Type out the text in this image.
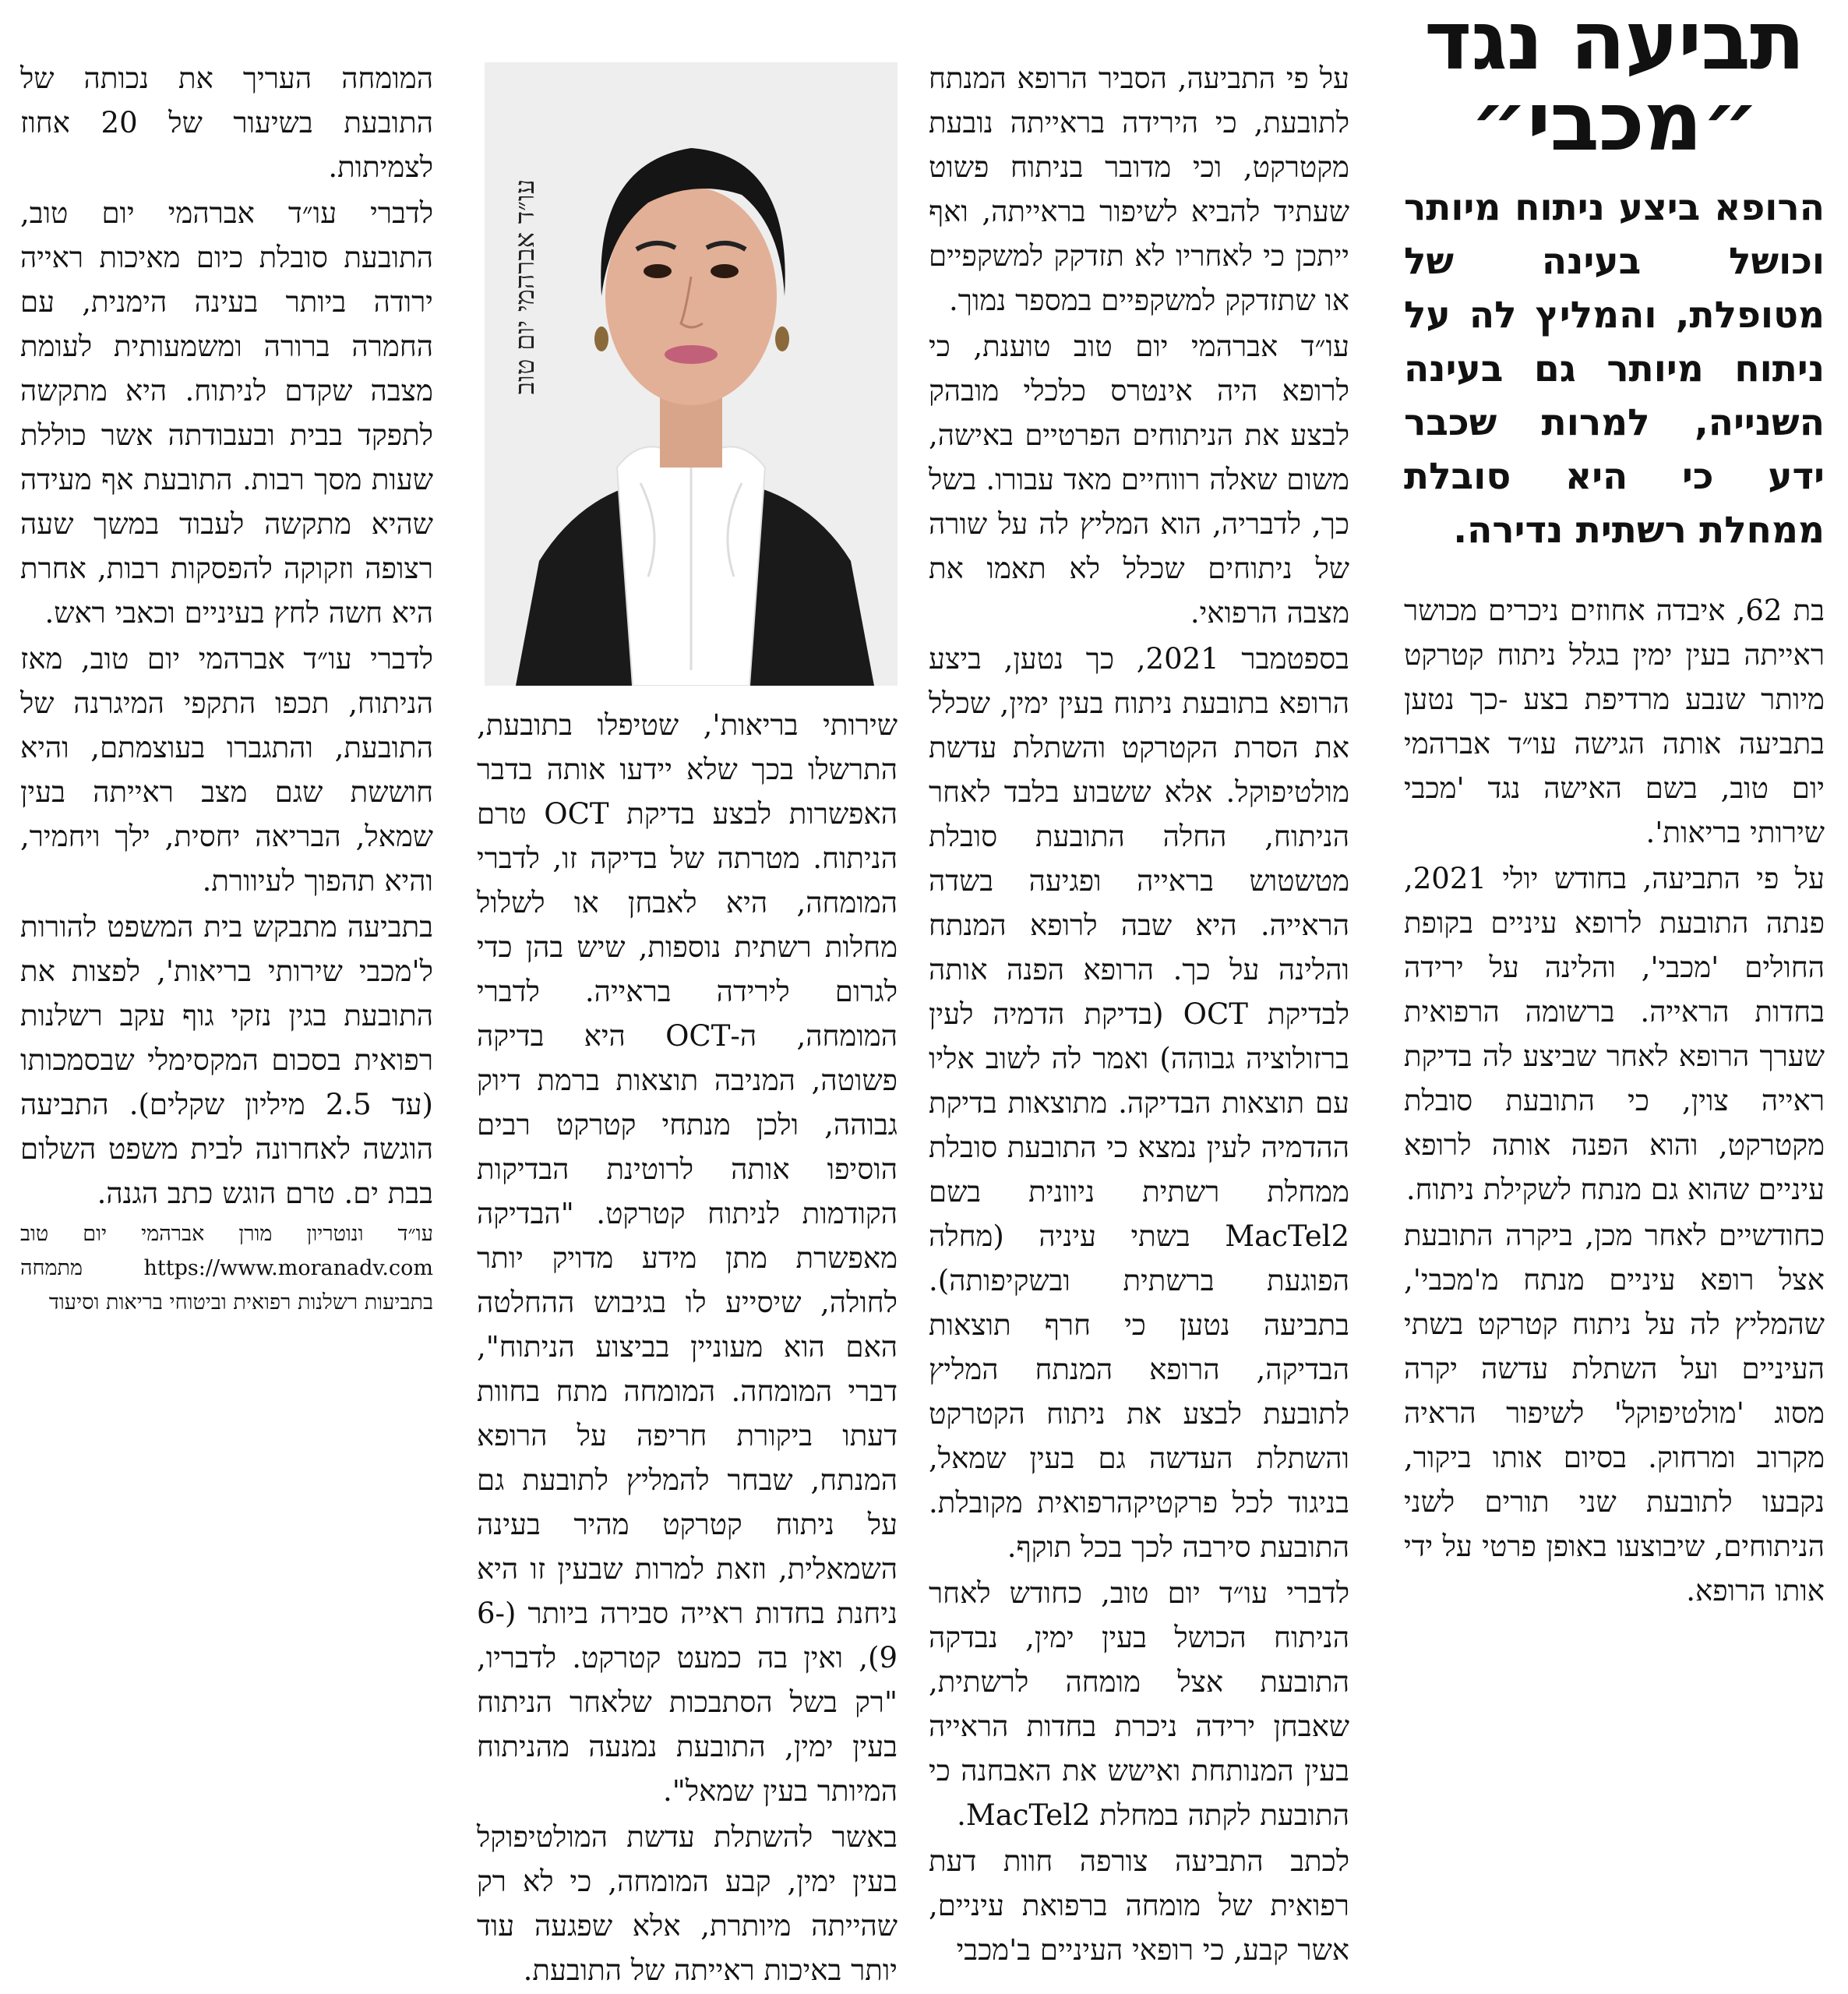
תביעה נגד
״מכבי״
הרופא ביצע ניתוח מיותר וכושל בעינה של מטופלת, והמליץ לה על ניתוח מיותר גם בעינה השנייה, למרות שכבר ידע כי היא סובלת ממחלת רשתית נדירה.

בת 62, איבדה אחוזים ניכרים מכושר ראייתה בעין ימין בגלל ניתוח קטרקט מיותר שנבע מרדיפת בצע -כך נטען בתביעה אותה הגישה עו״ד אברהמי יום טוב, בשם האישה נגד 'מכבי שירותי בריאות'.

על פי התביעה, בחודש יולי 2021, פנתה התובעת לרופא עיניים בקופת החולים 'מכבי', והלינה על ירידה בחדות הראייה. ברשומה הרפואית שערך הרופא לאחר שביצע לה בדיקת ראייה צוין, כי התובעת סובלת מקטרקט, והוא הפנה אותה לרופא עיניים שהוא גם מנתח לשקילת ניתוח.

כחודשיים לאחר מכן, ביקרה התובעת אצל רופא עיניים מנתח מ'מכבי', שהמליץ לה על ניתוח קטרקט בשתי העיניים ועל השתלת עדשה יקרה מסוג 'מולטיפוקל' לשיפור הראיה מקרוב ומרחוק. בסיום אותו ביקור, נקבעו לתובעת שני תורים לשני הניתוחים, שיבוצעו באופן פרטי על ידי אותו הרופא.

על פי התביעה, הסביר הרופא המנתח לתובעת, כי הירידה בראייתה נובעת מקטרקט, וכי מדובר בניתוח פשוט שעתיד להביא לשיפור בראייתה, ואף ייתכן כי לאחריו לא תזדקק למשקפיים או שתזדקק למשקפיים במספר נמוך.

עו״ד אברהמי יום טוב טוענת, כי לרופא היה אינטרס כלכלי מובהק לבצע את הניתוחים הפרטיים באישה, משום שאלה רווחיים מאד עבורו. בשל כך, לדבריה, הוא המליץ לה על שורה של ניתוחים שכלל לא תאמו את מצבה הרפואי.

בספטמבר 2021, כך נטען, ביצע הרופא בתובעת ניתוח בעין ימין, שכלל את הסרת הקטרקט והשתלת עדשת מולטיפוקל. אלא ששבוע בלבד לאחר הניתוח, החלה התובעת סובלת מטשטוש בראייה ופגיעה בשדה הראייה. היא שבה לרופא המנתח והלינה על כך. הרופא הפנה אותה לבדיקת OCT (בדיקת הדמיה לעין ברזולוציה גבוהה) ואמר לה לשוב אליו עם תוצאות הבדיקה. מתוצאות בדיקת ההדמיה לעין נמצא כי התובעת סובלת ממחלת רשתית ניוונית בשם MacTel2 בשתי עיניה (מחלה הפוגעת ברשתית ובשקיפותה). בתביעה נטען כי חרף תוצאות הבדיקה, הרופא המנתח המליץ לתובעת לבצע את ניתוח הקטרקט והשתלת העדשה גם בעין שמאל, בניגוד לכל פרקטיקהרפואית מקובלת. התובעת סירבה לכך בכל תוקף.

לדברי עו״ד יום טוב, כחודש לאחר הניתוח הכושל בעין ימין, נבדקה התובעת אצל מומחה לרשתית, שאבחן ירידה ניכרת בחדות הראייה בעין המנותחת ואישש את האבחנה כי התובעת לקתה במחלת MacTel2.

לכתב התביעה צורפה חוות דעת רפואית של מומחה ברפואת עיניים, אשר קבע, כי רופאי העיניים ב'מכבי

עו״ד אברהמי יום טוב

שירותי בריאות', שטיפלו בתובעת, התרשלו בכך שלא יידעו אותה בדבר האפשרות לבצע בדיקת OCT טרם הניתוח. מטרתה של בדיקה זו, לדברי המומחה, היא לאבחן או לשלול מחלות רשתית נוספות, שיש בהן כדי לגרום לירידה בראייה. לדברי המומחה, ה-OCT היא בדיקה פשוטה, המניבה תוצאות ברמת דיוק גבוהה, ולכן מנתחי קטרקט רבים הוסיפו אותה לרוטינת הבדיקות הקודמות לניתוח קטרקט. "הבדיקה מאפשרת מתן מידע מדויק יותר לחולה, שיסייע לו בגיבוש ההחלטה האם הוא מעוניין בביצוע הניתוח", דברי המומחה. המומחה מתח בחוות דעתו ביקורת חריפה על הרופא המנתח, שבחר להמליץ לתובעת גם על ניתוח קטרקט מהיר בעינה השמאלית, וזאת למרות שבעין זו היא ניחנת בחדות ראייה סבירה ביותר (6-9), ואין בה כמעט קטרקט. לדבריו, "רק בשל הסתבכות שלאחר הניתוח בעין ימין, התובעת נמנעה מהניתוח המיותר בעין שמאל".

באשר להשתלת עדשת המולטיפוקל בעין ימין, קבע המומחה, כי לא רק שהייתה מיותרת, אלא שפגעה עוד יותר באיכות ראייתה של התובעת.

המומחה העריך את נכותה של התובעת בשיעור של 20 אחוז לצמיתות.

לדברי עו״ד אברהמי יום טוב, התובעת סובלת כיום מאיכות ראייה ירודה ביותר בעינה הימנית, עם החמרה ברורה ומשמעותית לעומת מצבה שקדם לניתוח. היא מתקשה לתפקד בבית ובעבודתה אשר כוללת שעות מסך רבות. התובעת אף מעידה שהיא מתקשה לעבוד במשך שעה רצופה וזקוקה להפסקות רבות, אחרת היא חשה לחץ בעיניים וכאבי ראש.

לדברי עו״ד אברהמי יום טוב, מאז הניתוח, תכפו התקפי המיגרנה של התובעת, והתגברו בעוצמתם, והיא חוששת שגם מצב ראייתה בעין שמאל, הבריאה יחסית, ילך ויחמיר, והיא תהפוך לעיוורת.

בתביעה מתבקש בית המשפט להורות ל'מכבי שירותי בריאות', לפצות את התובעת בגין נזקי גוף עקב רשלנות רפואית בסכום המקסימלי שבסמכותו (עד 2.5 מיליון שקלים). התביעה הוגשה לאחרונה לבית משפט השלום בבת ים. טרם הוגש כתב הגנה.

עו״ד ונוטריון מורן אברהמי יום טוב https://www.moranadv.com מתמחה בתביעות רשלנות רפואית וביטוחי בריאות וסיעוד
